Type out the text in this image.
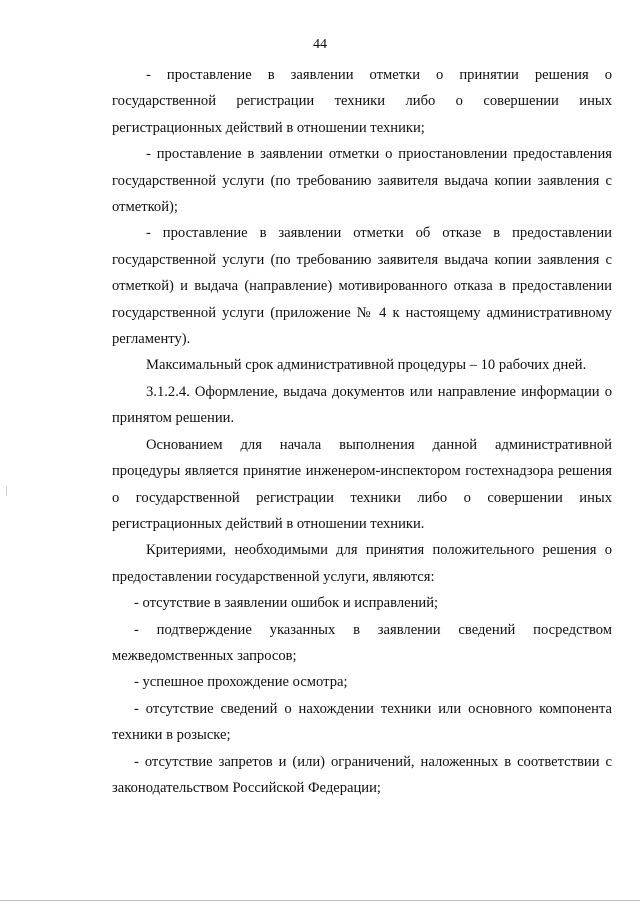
44

- проставление в заявлении отметки о принятии решения о государственной регистрации техники либо о совершении иных регистрационных действий в отношении техники;

- проставление в заявлении отметки о приостановлении предоставления государственной услуги (по требованию заявителя выдача копии заявления с отметкой);

- проставление в заявлении отметки об отказе в предоставлении государственной услуги (по требованию заявителя выдача копии заявления с отметкой) и выдача (направление) мотивированного отказа в предоставлении государственной услуги (приложение № 4 к настоящему административному регламенту).

Максимальный срок административной процедуры – 10 рабочих дней.

3.1.2.4. Оформление, выдача документов или направление информации о принятом решении.

Основанием для начала выполнения данной административной процедуры является принятие инженером-инспектором гостехнадзора решения о государственной регистрации техники либо о совершении иных регистрационных действий в отношении техники.

Критериями, необходимыми для принятия положительного решения о предоставлении государственной услуги, являются:

- отсутствие в заявлении ошибок и исправлений;

- подтверждение указанных в заявлении сведений посредством межведомственных запросов;

- успешное прохождение осмотра;

- отсутствие сведений о нахождении техники или основного компонента техники в розыске;

- отсутствие запретов и (или) ограничений, наложенных в соответствии с законодательством Российской Федерации;
